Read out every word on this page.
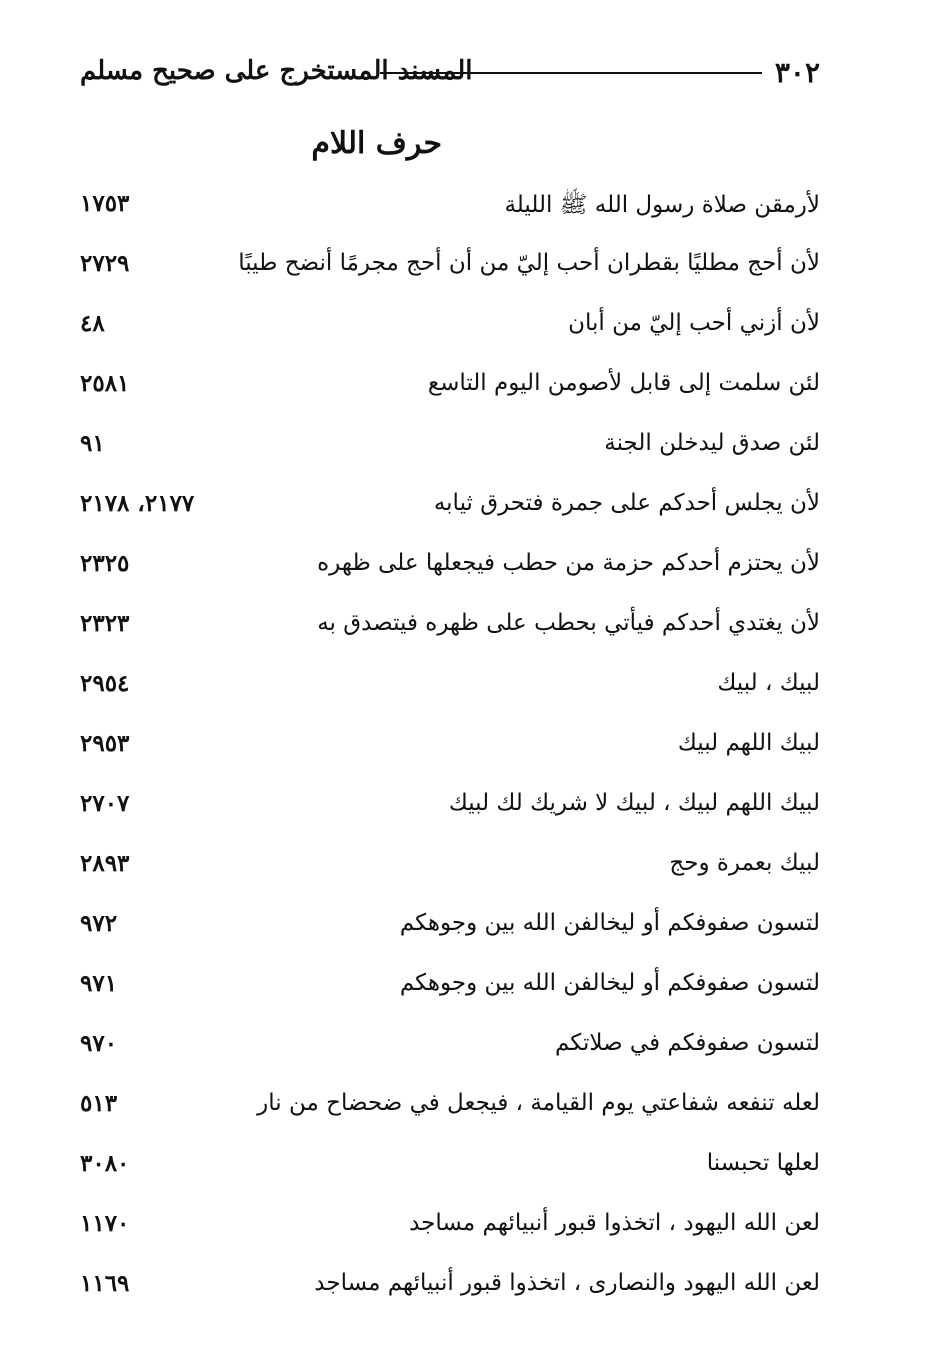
٣٠٢
المسند المستخرج على صحيح مسلم
حرف اللام
لأرمقن صلاة رسول الله ﷺ الليلة
١٧٥٣
لأن أحج مطليًا بقطران أحب إليّ من أن أحج مجرمًا أنضح طيبًا
٢٧٢٩
لأن أزني أحب إليّ من أبان
٤٨
لئن سلمت إلى قابل لأصومن اليوم التاسع
٢٥٨١
لئن صدق ليدخلن الجنة
٩١
لأن يجلس أحدكم على جمرة فتحرق ثيابه
٢١٧٧، ٢١٧٨
لأن يحتزم أحدكم حزمة من حطب فيجعلها على ظهره
٢٣٢٥
لأن يغتدي أحدكم فيأتي بحطب على ظهره فيتصدق به
٢٣٢٣
لبيك ، لبيك
٢٩٥٤
لبيك اللهم لبيك
٢٩٥٣
لبيك اللهم لبيك ، لبيك لا شريك لك لبيك
٢٧٠٧
لبيك بعمرة وحج
٢٨٩٣
لتسون صفوفكم أو ليخالفن الله بين وجوهكم
٩٧٢
لتسون صفوفكم أو ليخالفن الله بين وجوهكم
٩٧١
لتسون صفوفكم في صلاتكم
٩٧٠
لعله تنفعه شفاعتي يوم القيامة ، فيجعل في ضحضاح من نار
٥١٣
لعلها تحبسنا
٣٠٨٠
لعن الله اليهود ، اتخذوا قبور أنبيائهم مساجد
١١٧٠
لعن الله اليهود والنصارى ، اتخذوا قبور أنبيائهم مساجد
١١٦٩
